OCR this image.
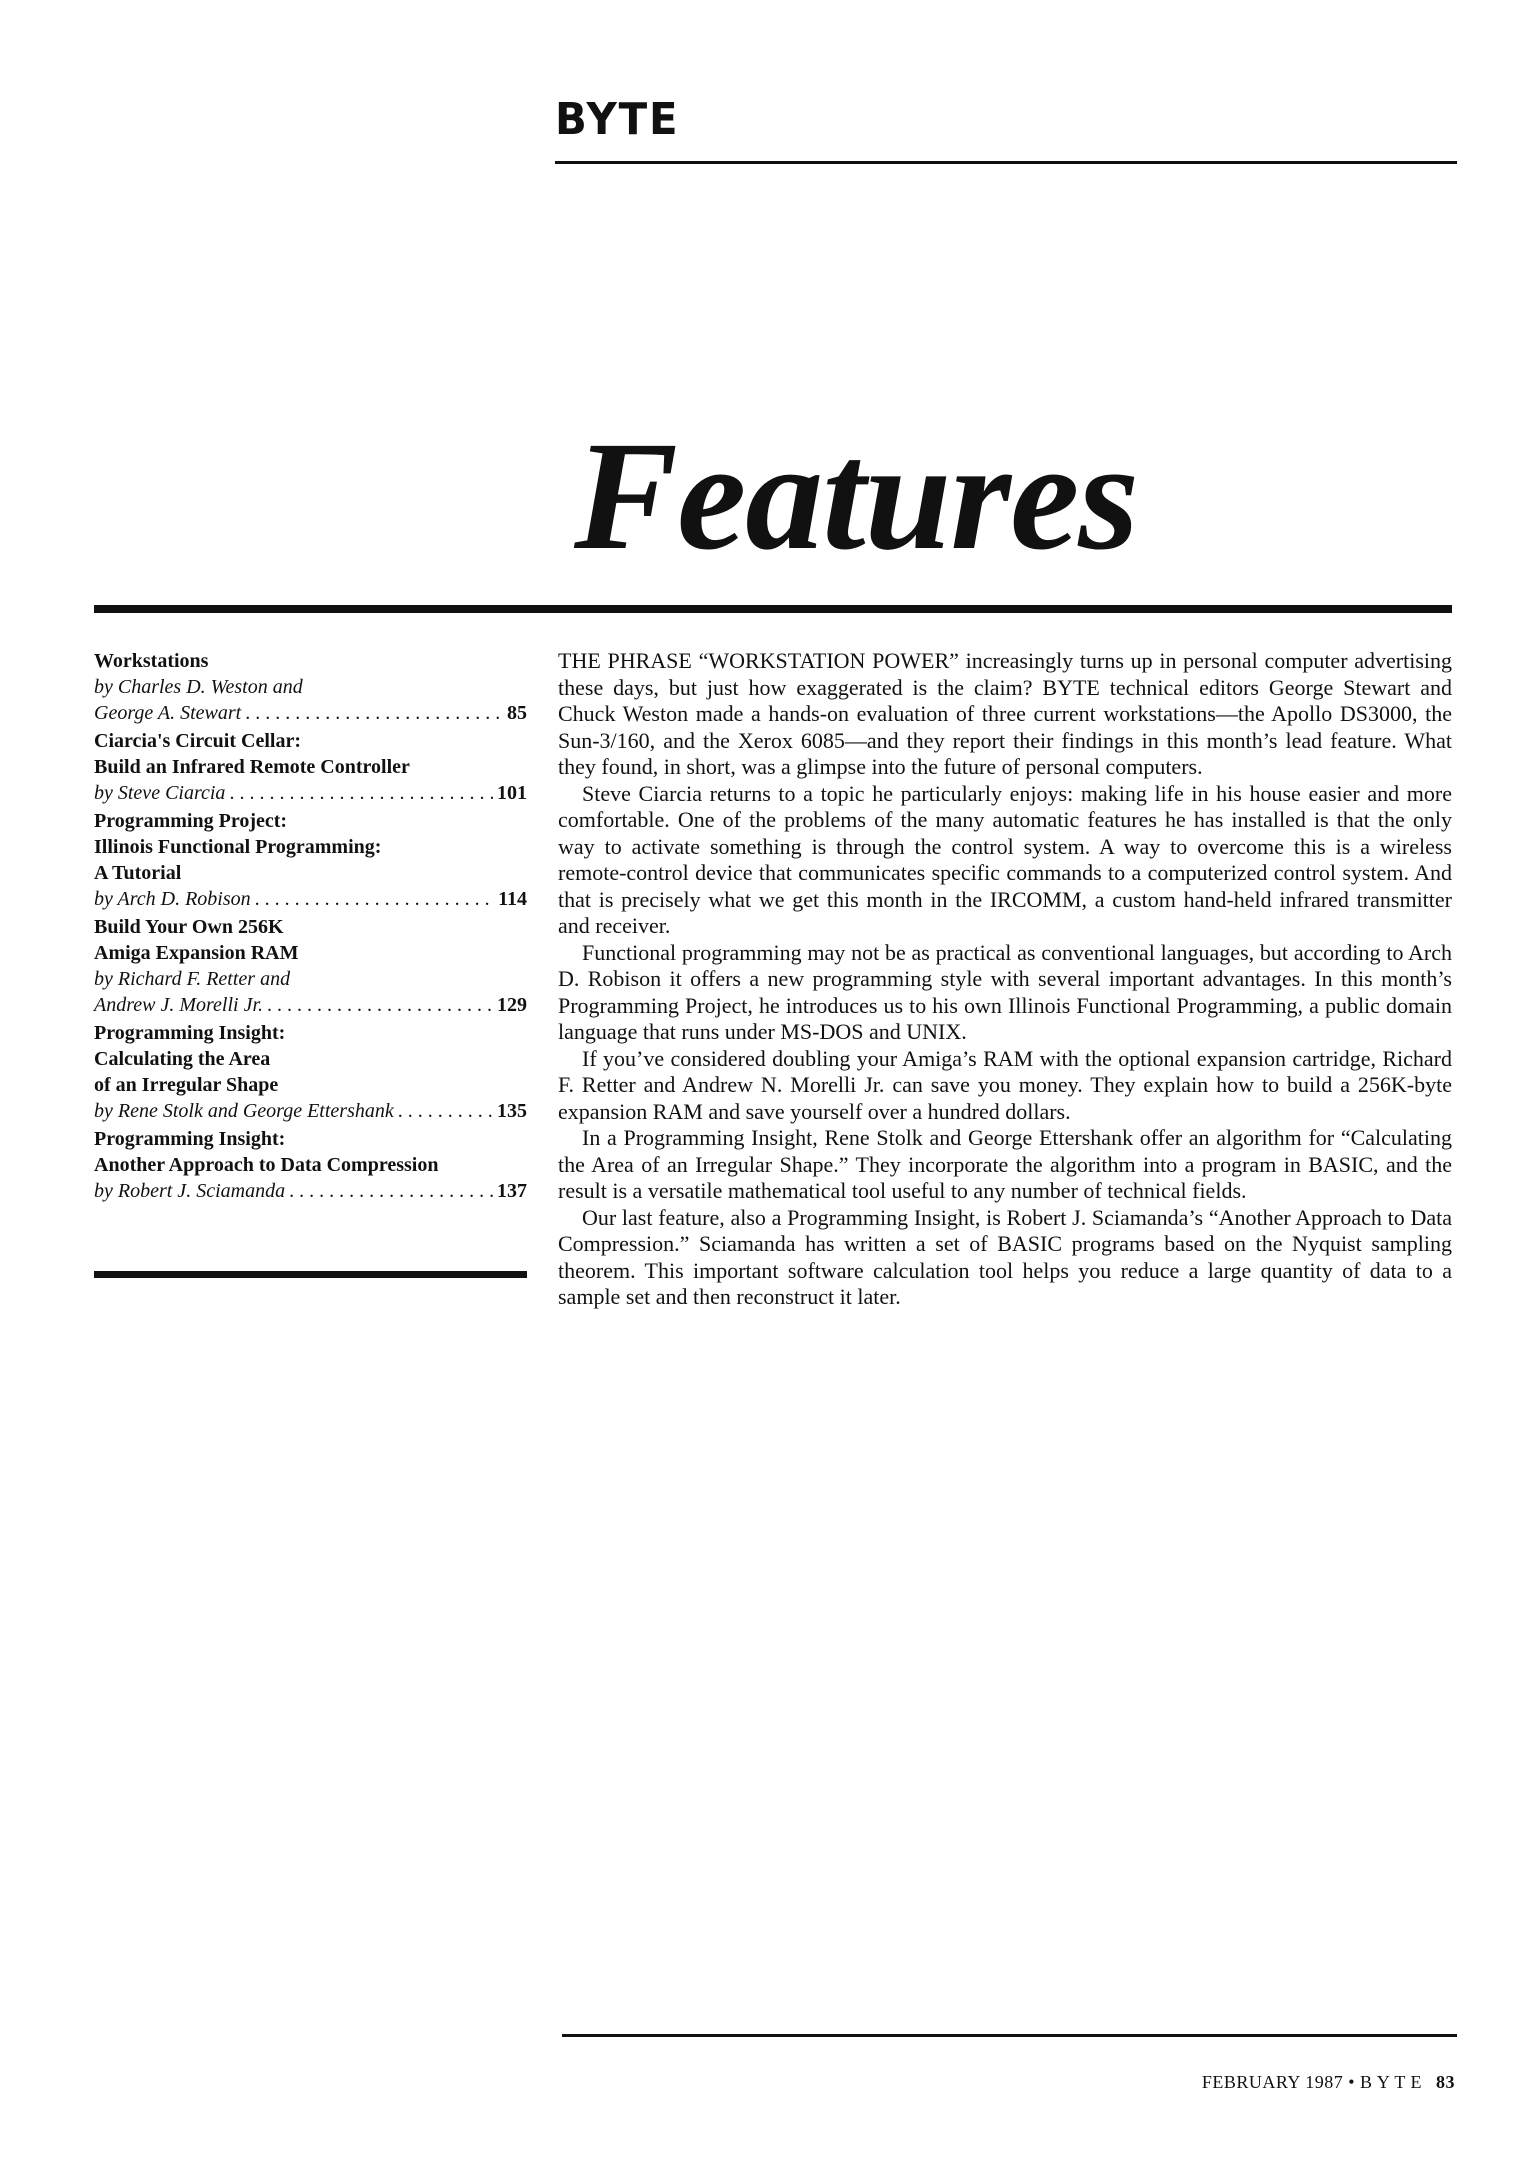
BYTE
Features
Workstations
by Charles D. Weston and
George A. Stewart . . .	85
Ciarcia's Circuit Cellar:
Build an Infrared Remote Controller
by Steve Ciarcia . . .	101
Programming Project:
Illinois Functional Programming:
A Tutorial
by Arch D. Robison . . .	114
Build Your Own 256K
Amiga Expansion RAM
by Richard F. Retter and
Andrew J. Morelli Jr. . . .	129
Programming Insight:
Calculating the Area
of an Irregular Shape
by Rene Stolk and George Ettershank . . .	135
Programming Insight:
Another Approach to Data Compression
by Robert J. Sciamanda . . .	137

THE PHRASE “WORKSTATION POWER” increasingly turns up in personal computer advertising these days, but just how exaggerated is the claim? BYTE technical editors George Stewart and Chuck Weston made a hands-on evaluation of three current workstations—the Apollo DS3000, the Sun-3/160, and the Xerox 6085—and they report their findings in this month’s lead feature. What they found, in short, was a glimpse into the future of personal computers.

Steve Ciarcia returns to a topic he particularly enjoys: making life in his house easier and more comfortable. One of the problems of the many automatic features he has installed is that the only way to activate something is through the control system. A way to overcome this is a wireless remote-control device that communicates specific commands to a computerized control system. And that is precisely what we get this month in the IRCOMM, a custom hand-held infrared transmitter and receiver.

Functional programming may not be as practical as conventional languages, but according to Arch D. Robison it offers a new programming style with several important advantages. In this month’s Programming Project, he introduces us to his own Illinois Functional Programming, a public domain language that runs under MS-DOS and UNIX.

If you’ve considered doubling your Amiga’s RAM with the optional expansion cartridge, Richard F. Retter and Andrew N. Morelli Jr. can save you money. They explain how to build a 256K-byte expansion RAM and save yourself over a hundred dollars.

In a Programming Insight, Rene Stolk and George Ettershank offer an algorithm for “Calculating the Area of an Irregular Shape.” They incorporate the algorithm into a program in BASIC, and the result is a versatile mathematical tool useful to any number of technical fields.

Our last feature, also a Programming Insight, is Robert J. Sciamanda’s “Another Approach to Data Compression.” Sciamanda has written a set of BASIC programs based on the Nyquist sampling theorem. This important software calculation tool helps you reduce a large quantity of data to a sample set and then reconstruct it later.

FEBRUARY 1987 • B Y T E 83
